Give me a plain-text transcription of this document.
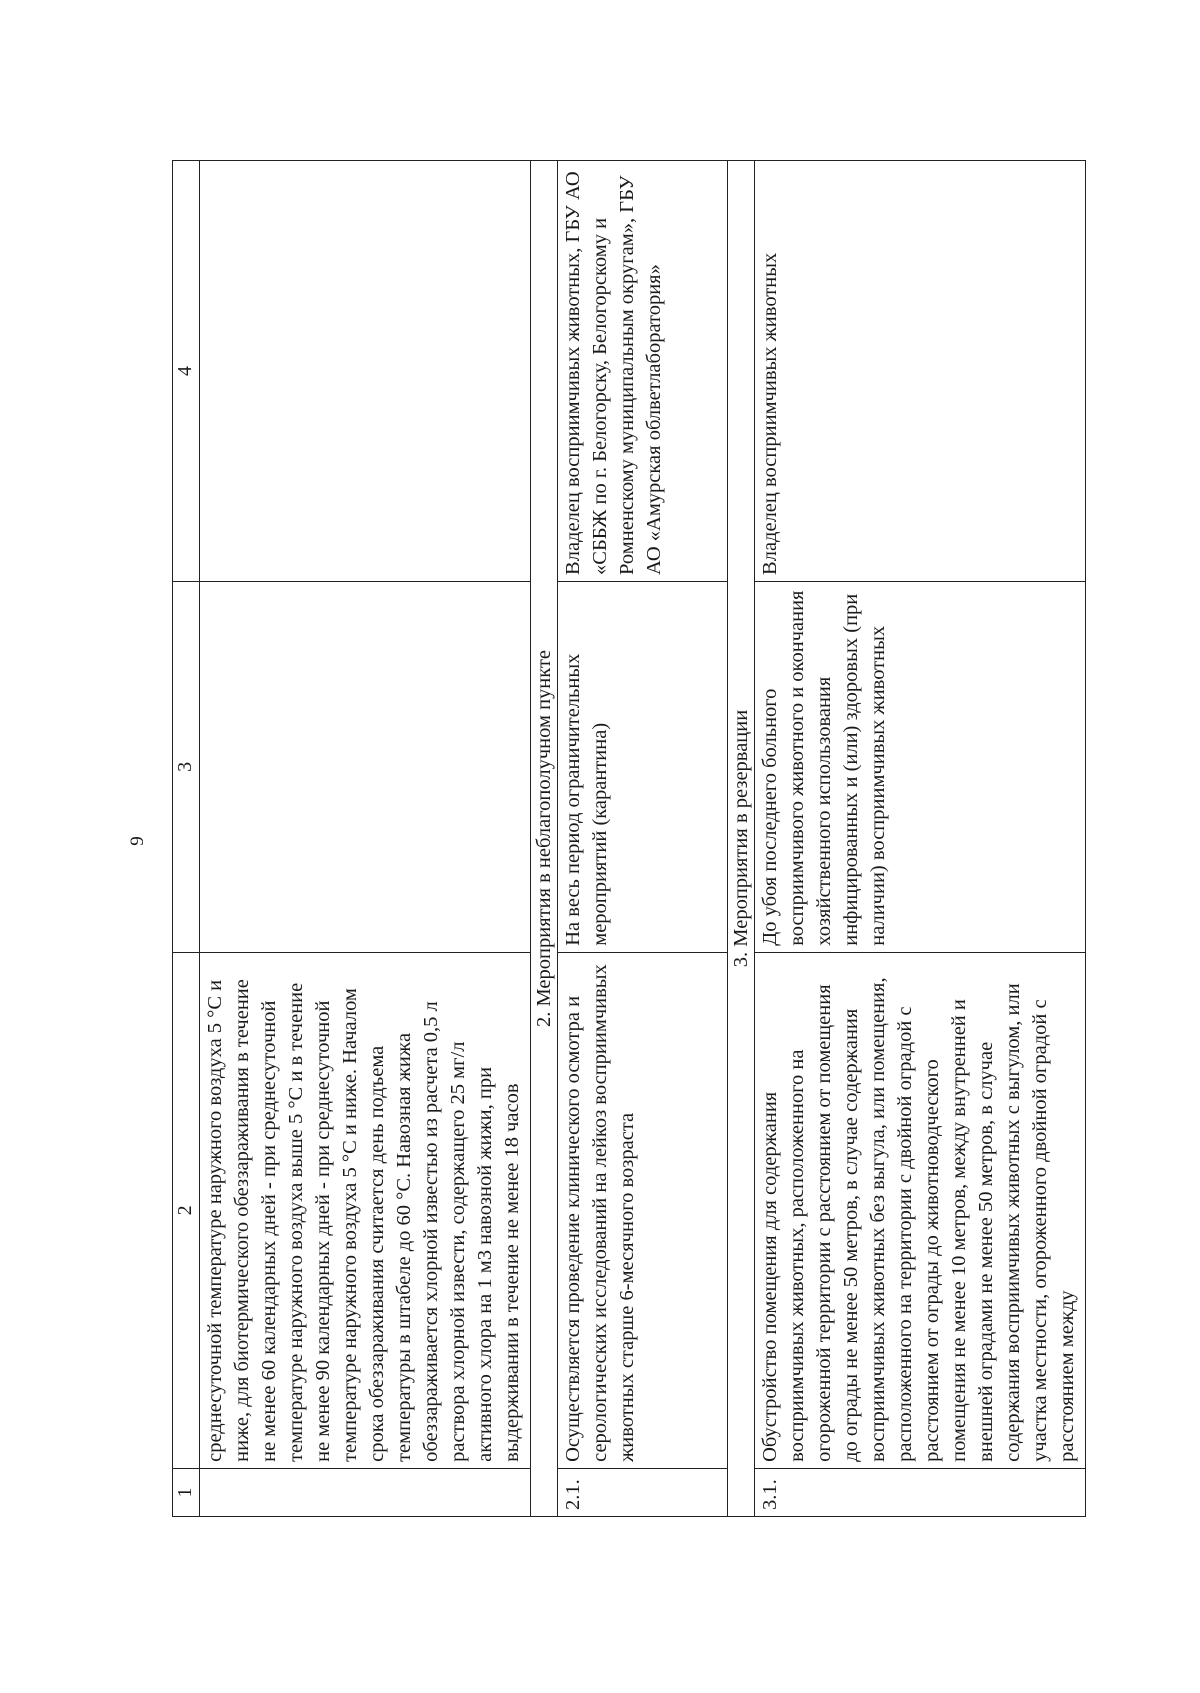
9
1	2	3	4
	среднесуточной температуре наружного воздуха 5 °С и ниже, для биотермического обеззараживания в течение не менее 60 календарных дней - при среднесуточной температуре наружного воздуха выше 5 °С и в течение не менее 90 календарных дней - при среднесуточной температуре наружного воздуха 5 °С и ниже. Началом срока обеззараживания считается день подъема температуры в штабеле до 60 °С. Навозная жижа обеззараживается хлорной известью из расчета 0,5 л раствора хлорной извести, содержащего 25 мг/л активного хлора на 1 м3 навозной жижи, при выдерживании в течение не менее 18 часов		
2. Мероприятия в неблагополучном пункте			
2.1.	Осуществляется проведение клинического осмотра и серологических исследований на лейкоз восприимчивых животных старше 6-месячного возраста	На весь период ограничительных мероприятий (карантина)	Владелец восприимчивых животных, ГБУ АО «СББЖ по г. Белогорску, Белогорскому и Ромненскому муниципальным округам», ГБУ АО «Амурская облветлаборатория»
3. Мероприятия в резервации			
3.1.	Обустройство помещения для содержания восприимчивых животных, расположенного на огороженной территории с расстоянием от помещения до ограды не менее 50 метров, в случае содержания восприимчивых животных без выгула, или помещения, расположенного на территории с двойной оградой с расстоянием от ограды до животноводческого помещения не менее 10 метров, между внутренней и внешней оградами не менее 50 метров, в случае содержания восприимчивых животных с выгулом, или участка местности, огороженного двойной оградой с расстоянием между	До убоя последнего больного восприимчивого животного и окончания хозяйственного использования инфицированных и (или) здоровых (при наличии) восприимчивых животных	Владелец восприимчивых животных
